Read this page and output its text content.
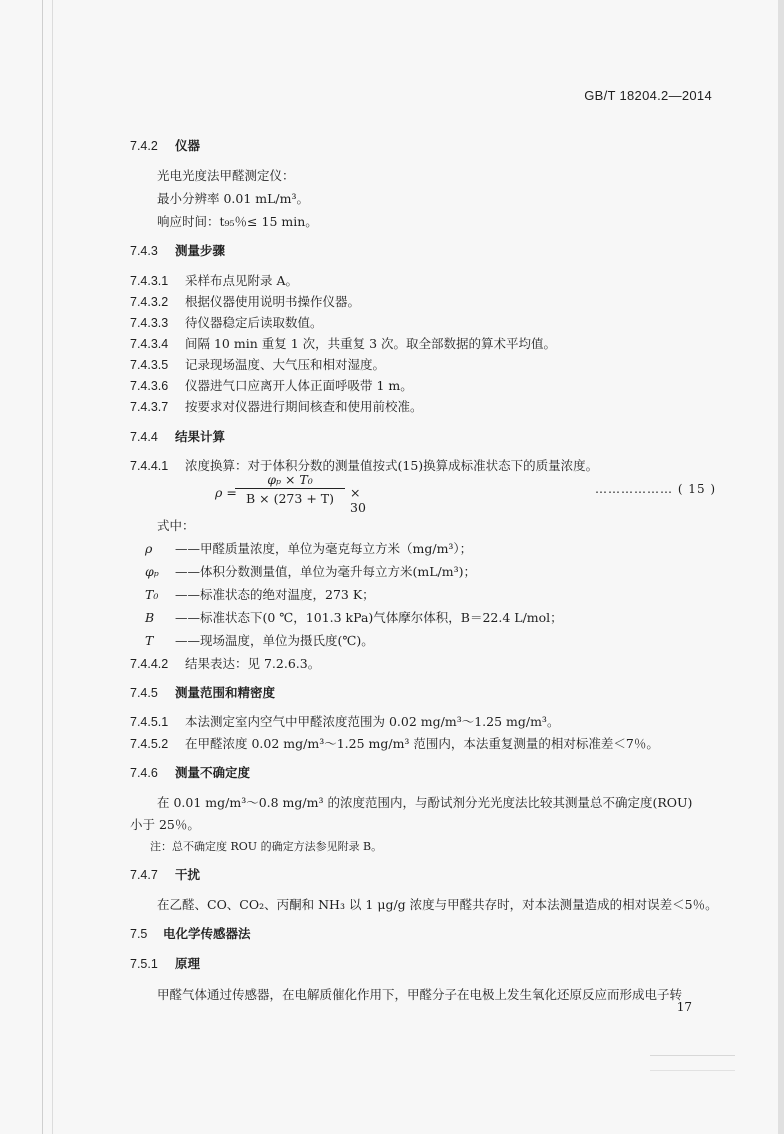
GB/T 18204.2—2014
7.4.2 仪器
光电光度法甲醛测定仪：
最小分辨率 0.01 mL/m³。
响应时间：t₉₅％≤ 15 min。
7.4.3 测量步骤
7.4.3.1 采样布点见附录 A。
7.4.3.2 根据仪器使用说明书操作仪器。
7.4.3.3 待仪器稳定后读取数值。
7.4.3.4 间隔 10 min 重复 1 次，共重复 3 次。取全部数据的算术平均值。
7.4.3.5 记录现场温度、大气压和相对湿度。
7.4.3.6 仪器进气口应离开人体正面呼吸带 1 m。
7.4.3.7 按要求对仪器进行期间核查和使用前校准。
7.4.4 结果计算
7.4.4.1 浓度换算：对于体积分数的测量值按式(15)换算成标准状态下的质量浓度。
ρ =
$\frac{\text{φₚ × T₀}}{B \times (273 + T)} \times 30$
……………… ( 15 )
式中：
ρ ——甲醛质量浓度，单位为毫克每立方米（mg/m³）；
φₚ ——体积分数测量值，单位为毫升每立方米(mL/m³)；
T₀ ——标准状态的绝对温度，273 K；
B ——标准状态下(0 ℃，101.3 kPa)气体摩尔体积，B＝22.4 L/mol；
T ——现场温度，单位为摄氏度(℃)。
7.4.4.2 结果表达：见 7.2.6.3。
7.4.5 测量范围和精密度
7.4.5.1 本法测定室内空气中甲醛浓度范围为 0.02 mg/m³～1.25 mg/m³。
7.4.5.2 在甲醛浓度 0.02 mg/m³～1.25 mg/m³ 范围内，本法重复测量的相对标准差＜7％。
7.4.6 测量不确定度
在 0.01 mg/m³～0.8 mg/m³ 的浓度范围内，与酚试剂分光光度法比较其测量总不确定度(ROU)
小于 25％。
注：总不确定度 ROU 的确定方法参见附录 B。
7.4.7 干扰
在乙醛、CO、CO₂、丙酮和 NH₃ 以 1 μg/g 浓度与甲醛共存时，对本法测量造成的相对误差＜5％。
7.5 电化学传感器法
7.5.1 原理
甲醛气体通过传感器，在电解质催化作用下，甲醛分子在电极上发生氧化还原反应而形成电子转
17
